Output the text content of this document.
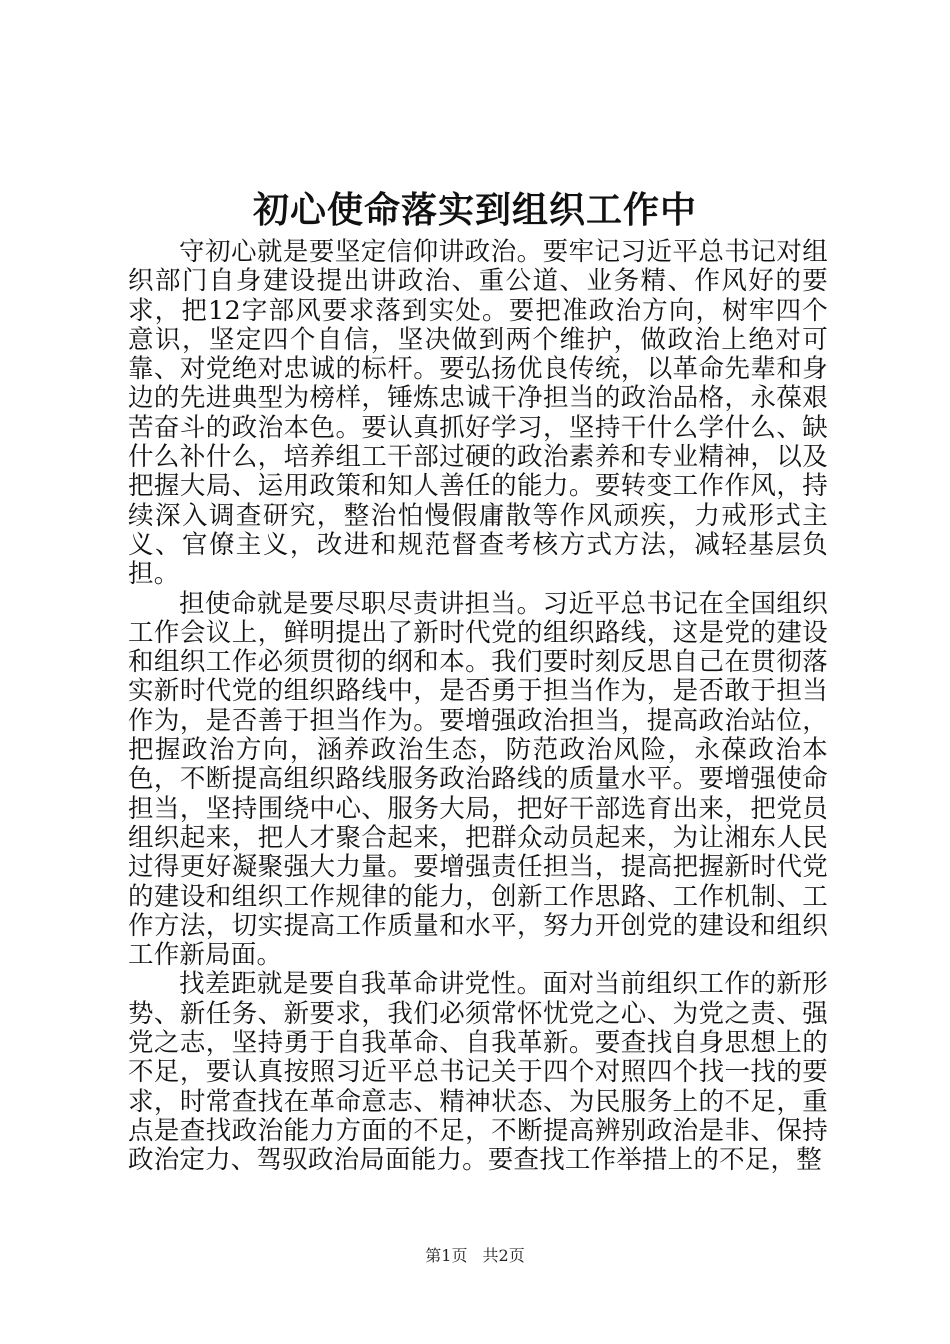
初心使命落实到组织工作中

守初心就是要坚定信仰讲政治。要牢记习近平总书记对组织部门自身建设提出讲政治、重公道、业务精、作风好的要求，把12字部风要求落到实处。要把准政治方向，树牢四个意识，坚定四个自信，坚决做到两个维护，做政治上绝对可靠、对党绝对忠诚的标杆。要弘扬优良传统，以革命先辈和身边的先进典型为榜样，锤炼忠诚干净担当的政治品格，永葆艰苦奋斗的政治本色。要认真抓好学习，坚持干什么学什么、缺什么补什么，培养组工干部过硬的政治素养和专业精神，以及把握大局、运用政策和知人善任的能力。要转变工作作风，持续深入调查研究，整治怕慢假庸散等作风顽疾，力戒形式主义、官僚主义，改进和规范督查考核方式方法，减轻基层负担。

担使命就是要尽职尽责讲担当。习近平总书记在全国组织工作会议上，鲜明提出了新时代党的组织路线，这是党的建设和组织工作必须贯彻的纲和本。我们要时刻反思自己在贯彻落实新时代党的组织路线中，是否勇于担当作为，是否敢于担当作为，是否善于担当作为。要增强政治担当，提高政治站位，把握政治方向，涵养政治生态，防范政治风险，永葆政治本色，不断提高组织路线服务政治路线的质量水平。要增强使命担当，坚持围绕中心、服务大局，把好干部选育出来，把党员组织起来，把人才聚合起来，把群众动员起来，为让湘东人民过得更好凝聚强大力量。要增强责任担当，提高把握新时代党的建设和组织工作规律的能力，创新工作思路、工作机制、工作方法，切实提高工作质量和水平，努力开创党的建设和组织工作新局面。

找差距就是要自我革命讲党性。面对当前组织工作的新形势、新任务、新要求，我们必须常怀忧党之心、为党之责、强党之志，坚持勇于自我革命、自我革新。要查找自身思想上的不足，要认真按照习近平总书记关于四个对照四个找一找的要求，时常查找在革命意志、精神状态、为民服务上的不足，重点是查找政治能力方面的不足，不断提高辨别政治是非、保持政治定力、驾驭政治局面能力。要查找工作举措上的不足，整

第1页 共2页
